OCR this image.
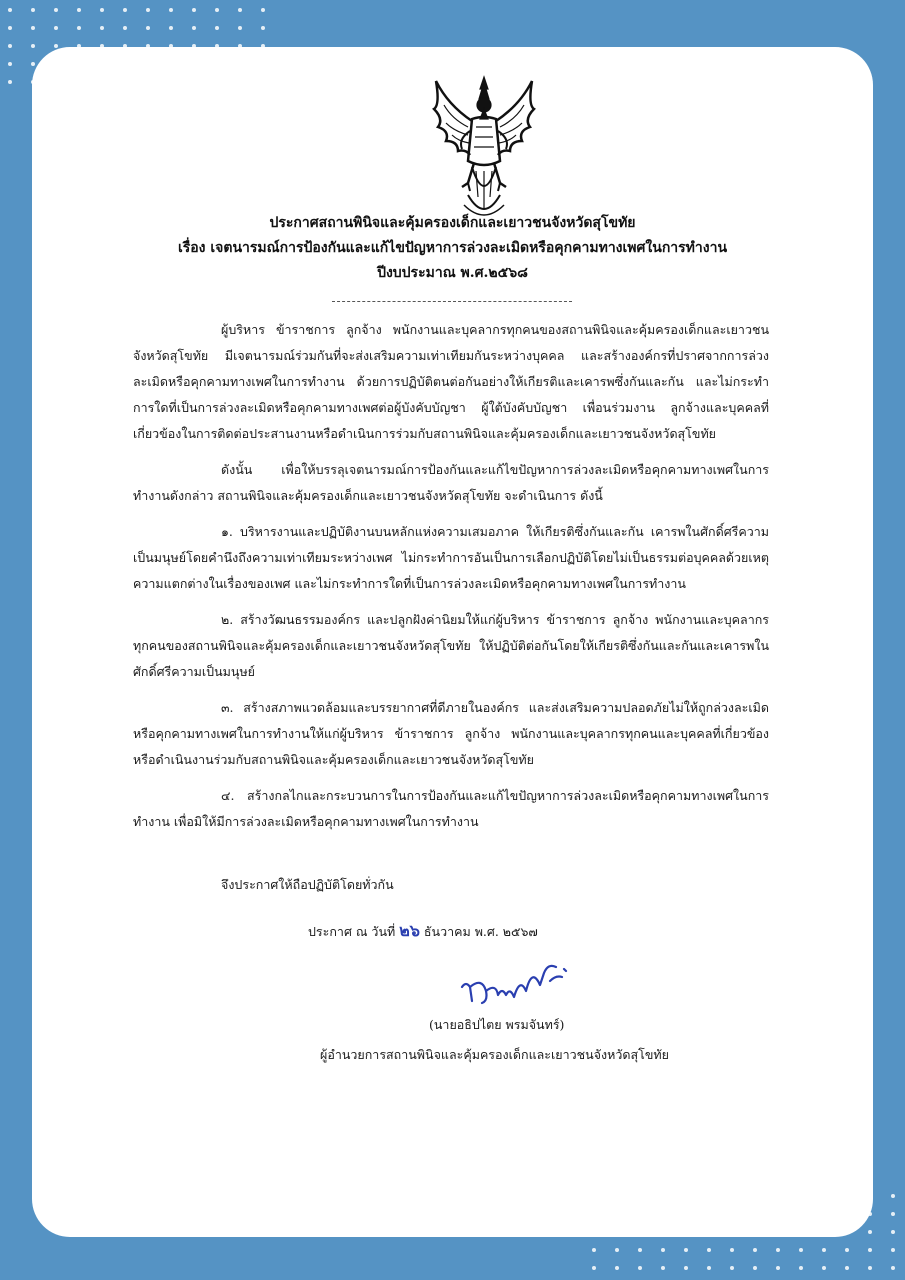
ประกาศสถานพินิจและคุ้มครองเด็กและเยาวชนจังหวัดสุโขทัย
เรื่อง เจตนารมณ์การป้องกันและแก้ไขปัญหาการล่วงละเมิดหรือคุกคามทางเพศในการทำงาน
ปีงบประมาณ พ.ศ.๒๕๖๘

ผู้บริหาร ข้าราชการ ลูกจ้าง พนักงานและบุคลากรทุกคนของสถานพินิจและคุ้มครองเด็กและเยาวชนจังหวัดสุโขทัย มีเจตนารมณ์ร่วมกันที่จะส่งเสริมความเท่าเทียมกันระหว่างบุคคล และสร้างองค์กรที่ปราศจากการล่วงละเมิดหรือคุกคามทางเพศในการทำงาน ด้วยการปฏิบัติตนต่อกันอย่างให้เกียรติและเคารพซึ่งกันและกัน และไม่กระทำการใดที่เป็นการล่วงละเมิดหรือคุกคามทางเพศต่อผู้บังคับบัญชา ผู้ใต้บังคับบัญชา เพื่อนร่วมงาน ลูกจ้างและบุคคลที่เกี่ยวข้องในการติดต่อประสานงานหรือดำเนินการร่วมกับสถานพินิจและคุ้มครองเด็กและเยาวชนจังหวัดสุโขทัย

ดังนั้น เพื่อให้บรรลุเจตนารมณ์การป้องกันและแก้ไขปัญหาการล่วงละเมิดหรือคุกคามทางเพศในการทำงานดังกล่าว สถานพินิจและคุ้มครองเด็กและเยาวชนจังหวัดสุโขทัย จะดำเนินการ ดังนี้

๑. บริหารงานและปฏิบัติงานบนหลักแห่งความเสมอภาค ให้เกียรติซึ่งกันและกัน เคารพในศักดิ์ศรีความเป็นมนุษย์โดยคำนึงถึงความเท่าเทียมระหว่างเพศ ไม่กระทำการอันเป็นการเลือกปฏิบัติโดยไม่เป็นธรรมต่อบุคคลด้วยเหตุความแตกต่างในเรื่องของเพศ และไม่กระทำการใดที่เป็นการล่วงละเมิดหรือคุกคามทางเพศในการทำงาน

๒. สร้างวัฒนธรรมองค์กร และปลูกฝังค่านิยมให้แก่ผู้บริหาร ข้าราชการ ลูกจ้าง พนักงานและบุคลากรทุกคนของสถานพินิจและคุ้มครองเด็กและเยาวชนจังหวัดสุโขทัย ให้ปฏิบัติต่อกันโดยให้เกียรติซึ่งกันและกันและเคารพในศักดิ์ศรีความเป็นมนุษย์

๓. สร้างสภาพแวดล้อมและบรรยากาศที่ดีภายในองค์กร และส่งเสริมความปลอดภัยไม่ให้ถูกล่วงละเมิดหรือคุกคามทางเพศในการทำงานให้แก่ผู้บริหาร ข้าราชการ ลูกจ้าง พนักงานและบุคลากรทุกคนและบุคคลที่เกี่ยวข้องหรือดำเนินงานร่วมกับสถานพินิจและคุ้มครองเด็กและเยาวชนจังหวัดสุโขทัย

๔. สร้างกลไกและกระบวนการในการป้องกันและแก้ไขปัญหาการล่วงละเมิดหรือคุกคามทางเพศในการทำงาน เพื่อมิให้มีการล่วงละเมิดหรือคุกคามทางเพศในการทำงาน

จึงประกาศให้ถือปฏิบัติโดยทั่วกัน
ประกาศ ณ วันที่ ๒๖ ธันวาคม พ.ศ. ๒๕๖๗
(นายอธิปไตย พรมจันทร์)
ผู้อำนวยการสถานพินิจและคุ้มครองเด็กและเยาวชนจังหวัดสุโขทัย
